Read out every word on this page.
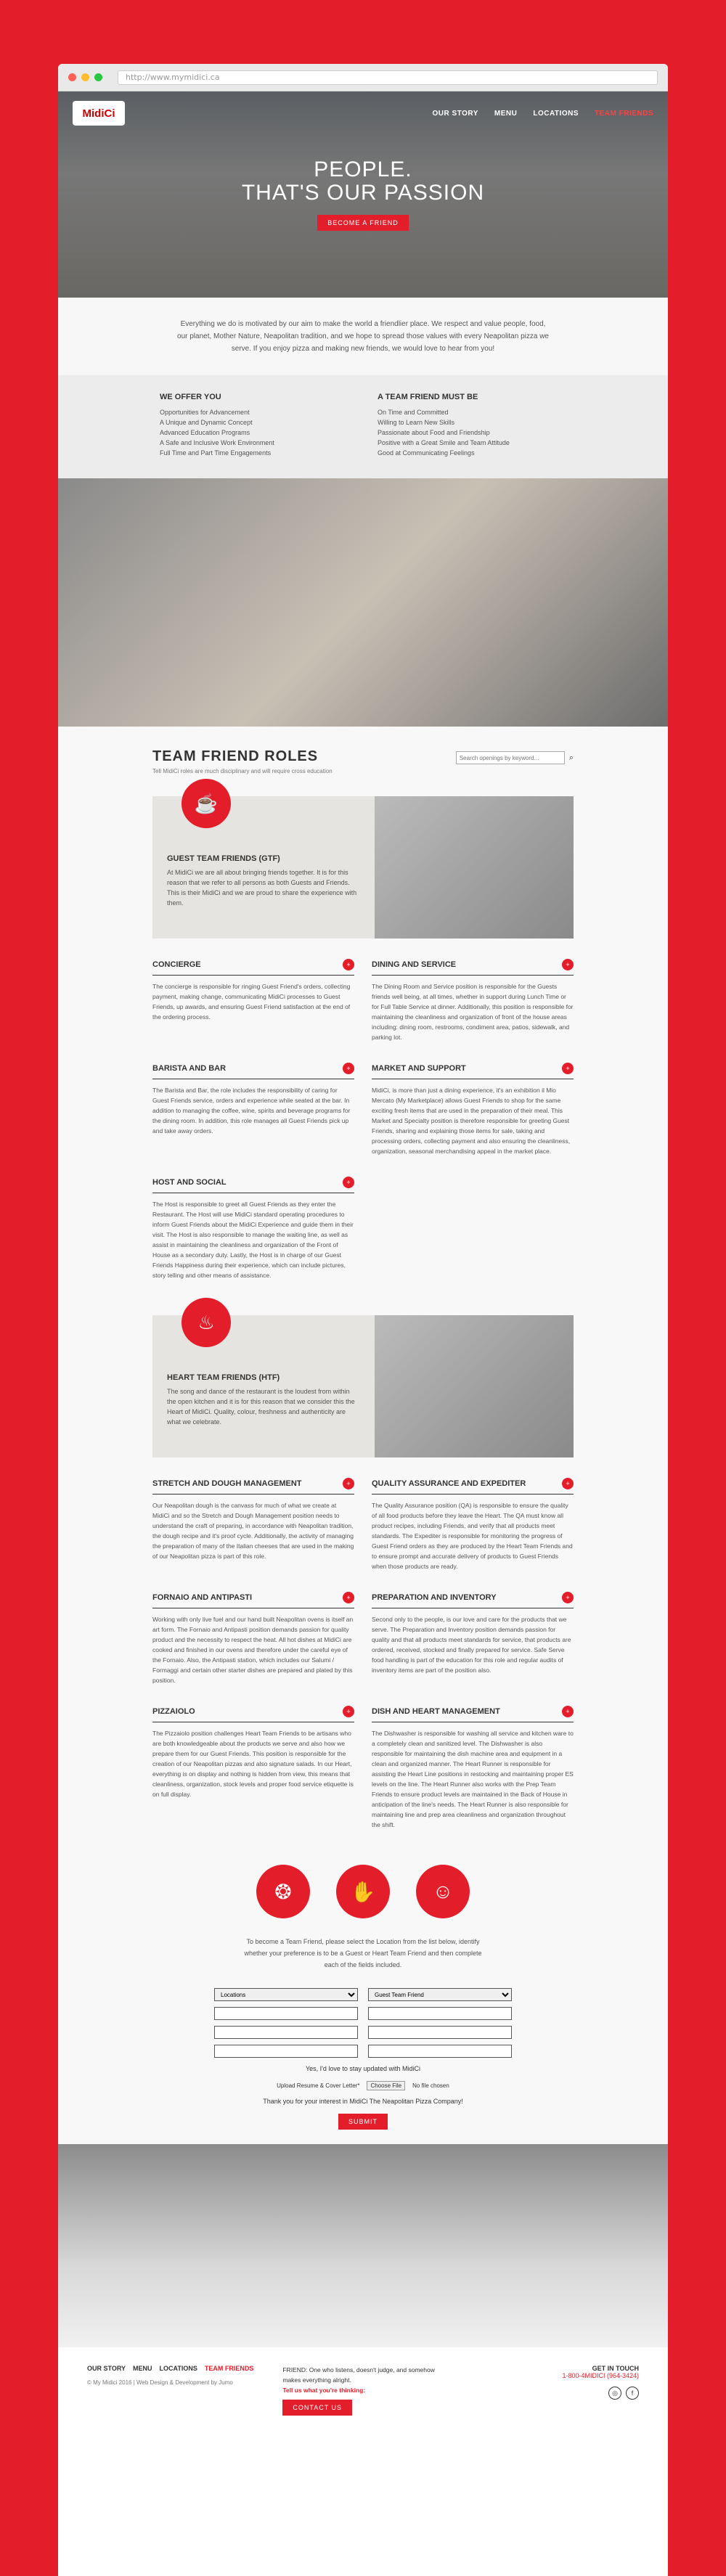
http://www.mymidici.ca
MidiCi	OUR STORY MENU LOCATIONS TEAM FRIENDS
PEOPLE.
THAT'S OUR PASSION
BECOME A FRIEND
Everything we do is motivated by our aim to make the world a friendlier place. We respect and value people, food, our planet, Mother Nature, Neapolitan tradition, and we hope to spread those values with every Neapolitan pizza we serve. If you enjoy pizza and making new friends, we would love to hear from you!
WE OFFER YOU
Opportunities for Advancement
A Unique and Dynamic Concept
Advanced Education Programs
A Safe and Inclusive Work Environment
Full Time and Part Time Engagements
A TEAM FRIEND MUST BE
On Time and Committed
Willing to Learn New Skills
Passionate about Food and Friendship
Positive with a Great Smile and Team Attitude
Good at Communicating Feelings
TEAM FRIEND ROLES
Tell MidiCi roles are much disciplinary and will require cross education
Search openings by keyword...
⌕
☕
GUEST TEAM FRIENDS (GTF)

At MidiCi we are all about bringing friends together. It is for this reason that we refer to all persons as both Guests and Friends. This is their MidiCi and we are proud to share the experience with them.

CONCIERGE	+

The concierge is responsible for ringing Guest Friend's orders, collecting payment, making change, communicating MidiCi processes to Guest Friends, up awards, and ensuring Guest Friend satisfaction at the end of the ordering process.

DINING AND SERVICE	+

The Dining Room and Service position is responsible for the Guests friends well being, at all times, whether in support during Lunch Time or for Full Table Service at dinner. Additionally, this position is responsible for maintaining the cleanliness and organization of front of the house areas including: dining room, restrooms, condiment area, patios, sidewalk, and parking lot.

BARISTA AND BAR	+

The Barista and Bar, the role includes the responsibility of caring for Guest Friends service, orders and experience while seated at the bar. In addition to managing the coffee, wine, spirits and beverage programs for the dining room. In addition, this role manages all Guest Friends pick up and take away orders.

MARKET AND SUPPORT	+

MidiCi, is more than just a dining experience, it's an exhibition il Mio Mercato (My Marketplace) allows Guest Friends to shop for the same exciting fresh items that are used in the preparation of their meal. This Market and Specialty position is therefore responsible for greeting Guest Friends, sharing and explaining those items for sale, taking and processing orders, collecting payment and also ensuring the cleanliness, organization, seasonal merchandising appeal in the market place.

HOST AND SOCIAL	+

The Host is responsible to greet all Guest Friends as they enter the Restaurant. The Host will use MidiCi standard operating procedures to inform Guest Friends about the MidiCi Experience and guide them in their visit. The Host is also responsible to manage the waiting line, as well as assist in maintaining the cleanliness and organization of the Front of House as a secondary duty. Lastly, the Host is in charge of our Guest Friends Happiness during their experience, which can include pictures, story telling and other means of assistance.

♨
HEART TEAM FRIENDS (HTF)

The song and dance of the restaurant is the loudest from within the open kitchen and it is for this reason that we consider this the Heart of MidiCi. Quality, colour, freshness and authenticity are what we celebrate.

STRETCH AND DOUGH MANAGEMENT	+

Our Neapolitan dough is the canvass for much of what we create at MidiCi and so the Stretch and Dough Management position needs to understand the craft of preparing, in accordance with Neapolitan tradition, the dough recipe and it's proof cycle. Additionally, the activity of managing the preparation of many of the Italian cheeses that are used in the making of our Neapolitan pizza is part of this role.

QUALITY ASSURANCE AND EXPEDITER	+

The Quality Assurance position (QA) is responsible to ensure the quality of all food products before they leave the Heart. The QA must know all product recipes, including Friends, and verify that all products meet standards. The Expediter is responsible for monitoring the progress of Guest Friend orders as they are produced by the Heart Team Friends and to ensure prompt and accurate delivery of products to Guest Friends when those products are ready.

FORNAIO AND ANTIPASTI	+

Working with only live fuel and our hand built Neapolitan ovens is itself an art form. The Fornaio and Antipasti position demands passion for quality product and the necessity to respect the heat. All hot dishes at MidiCi are cooked and finished in our ovens and therefore under the careful eye of the Fornaio. Also, the Antipasti station, which includes our Salumi / Formaggi and certain other starter dishes are prepared and plated by this position.

PREPARATION AND INVENTORY	+

Second only to the people, is our love and care for the products that we serve. The Preparation and Inventory position demands passion for quality and that all products meet standards for service, that products are ordered, received, stocked and finally prepared for service. Safe Serve food handling is part of the education for this role and regular audits of inventory items are part of the position also.

PIZZAIOLO	+

The Pizzaiolo position challenges Heart Team Friends to be artisans who are both knowledgeable about the products we serve and also how we prepare them for our Guest Friends. This position is responsible for the creation of our Neapolitan pizzas and also signature salads. In our Heart, everything is on display and nothing is hidden from view, this means that cleanliness, organization, stock levels and proper food service etiquette is on full display.

DISH AND HEART MANAGEMENT	+

The Dishwasher is responsible for washing all service and kitchen ware to a completely clean and sanitized level. The Dishwasher is also responsible for maintaining the dish machine area and equipment in a clean and organized manner. The Heart Runner is responsible for assisting the Heart Line positions in restocking and maintaining proper ES levels on the line. The Heart Runner also works with the Prep Team Friends to ensure product levels are maintained in the Back of House in anticipation of the line's needs. The Heart Runner is also responsible for maintaining line and prep area cleanliness and organization throughout the shift.

❂	✋	☺
To become a Team Friend, please select the Location from the list below, identify whether your preference is to be a Guest or Heart Team Friend and then complete each of the fields included.
Locations
Guest Team Friend
Yes, I'd love to stay updated with MidiCi
Upload Resume & Cover Letter*	Choose File	No file chosen
Thank you for your interest in MidiCi The Neapolitan Pizza Company!
SUBMIT
OUR STORY MENU LOCATIONS TEAM FRIENDS
© My Midici 2016 | Web Design & Development by Jumo
FRIEND: One who listens, doesn't judge, and somehow makes everything alright.
Tell us what you're thinking:
CONTACT US
GET IN TOUCH
1-800-4MIDICI (964-3424)
◎	f
